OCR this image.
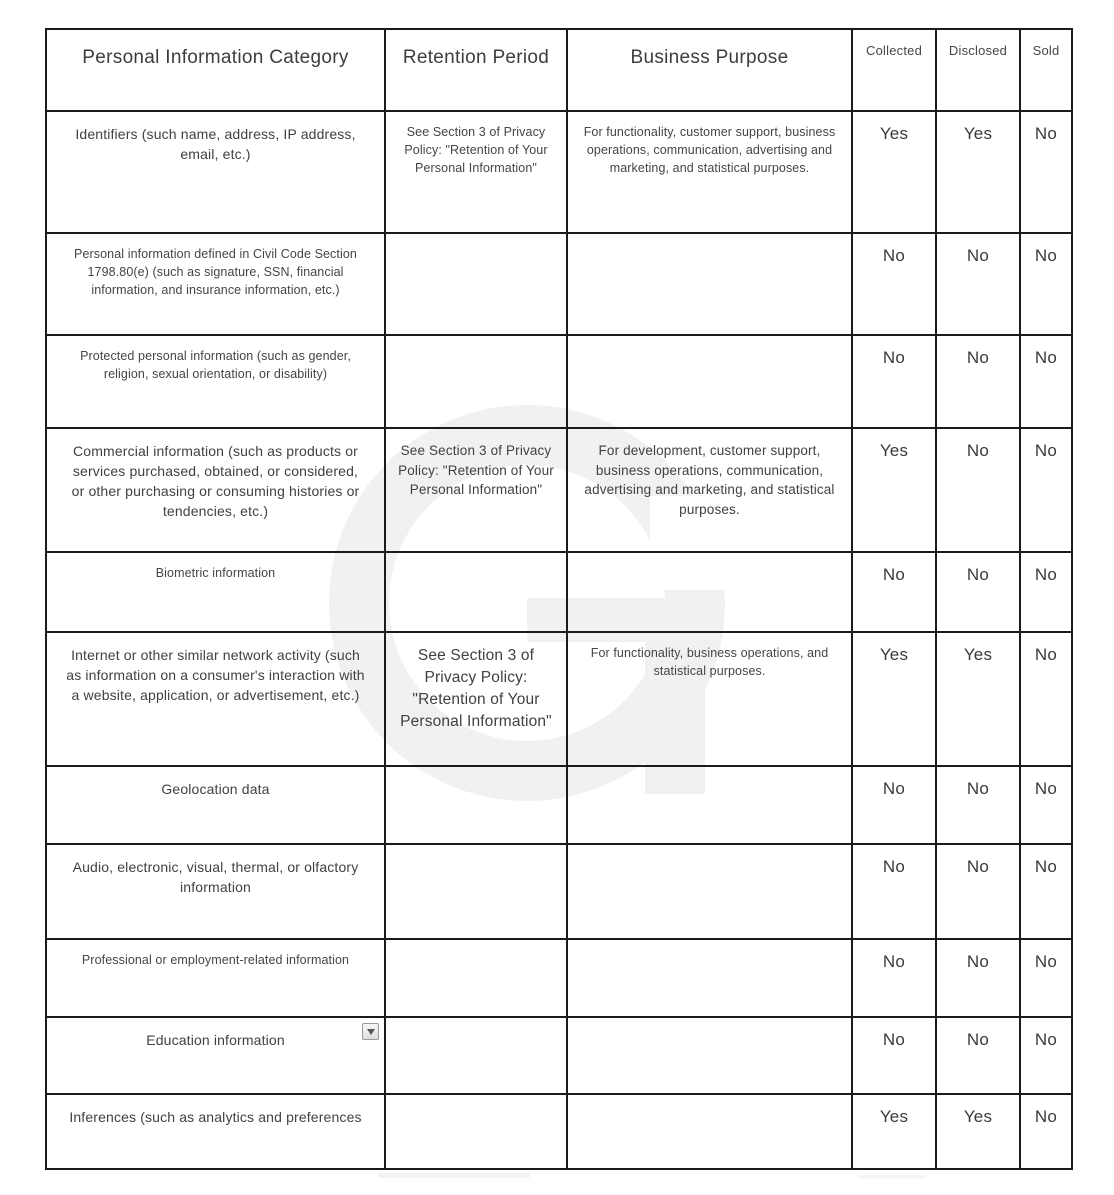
Personal Information Category	Retention Period	Business Purpose	Collected	Disclosed	Sold
Identifiers (such name, address, IP address, email, etc.)	See Section 3 of Privacy Policy: "Retention of Your Personal Information"	For functionality, customer support, business operations, communication, advertising and marketing, and statistical purposes.	Yes	Yes	No
Personal information defined in Civil Code Section 1798.80(e) (such as signature, SSN, financial information, and insurance information, etc.)			No	No	No
Protected personal information (such as gender, religion, sexual orientation, or disability)			No	No	No
Commercial information (such as products or services purchased, obtained, or considered, or other purchasing or consuming histories or tendencies, etc.)	See Section 3 of Privacy Policy: "Retention of Your Personal Information"	For development, customer support, business operations, communication, advertising and marketing, and statistical purposes.	Yes	No	No
Biometric information			No	No	No
Internet or other similar network activity (such as information on a consumer's interaction with a website, application, or advertisement, etc.)	See Section 3 of Privacy Policy: "Retention of Your Personal Information"	For functionality, business operations, and statistical purposes.	Yes	Yes	No
Geolocation data			No	No	No
Audio, electronic, visual, thermal, or olfactory information			No	No	No
Professional or employment-related information			No	No	No
Education information			No	No	No
Inferences (such as analytics and preferences			Yes	Yes	No
